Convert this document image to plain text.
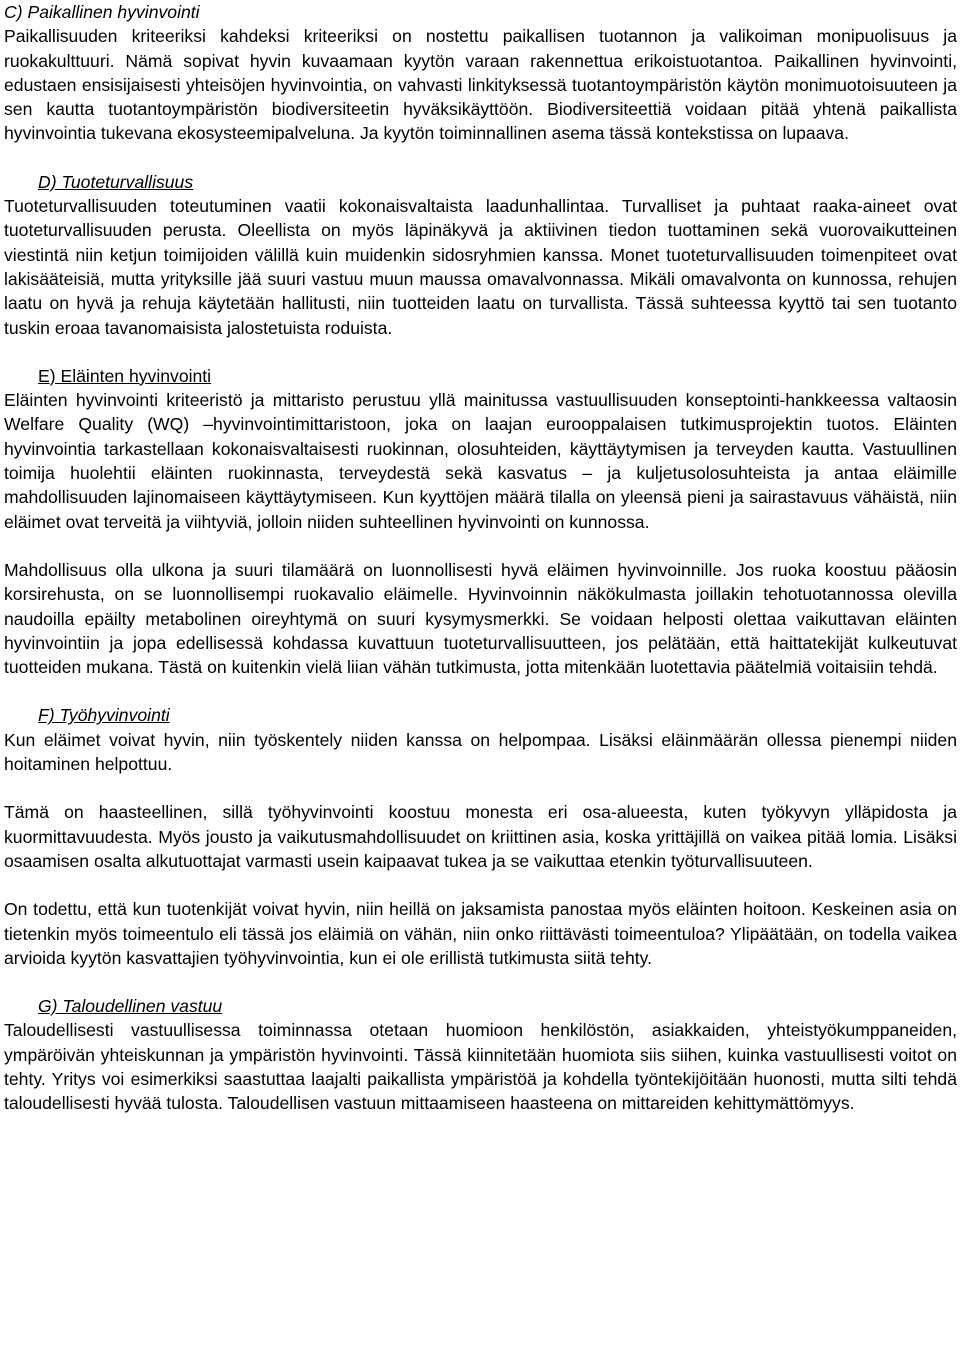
C) Paikallinen hyvinvointi

Paikallisuuden kriteeriksi kahdeksi kriteeriksi on nostettu paikallisen tuotannon ja valikoiman monipuolisuus ja ruokakulttuuri. Nämä sopivat hyvin kuvaamaan kyytön varaan rakennettua erikoistuotantoa. Paikallinen hyvinvointi, edustaen ensisijaisesti yhteisöjen hyvinvointia, on vahvasti linkityksessä tuotantoympäristön käytön monimuotoisuuteen ja sen kautta tuotantoympäristön biodiversiteetin hyväksikäyttöön. Biodiversiteettiä voidaan pitää yhtenä paikallista hyvinvointia tukevana ekosysteemipalveluna. Ja kyytön toiminnallinen asema tässä kontekstissa on lupaava.

D) Tuoteturvallisuus

Tuoteturvallisuuden toteutuminen vaatii kokonaisvaltaista laadunhallintaa. Turvalliset ja puhtaat raaka-aineet ovat tuoteturvallisuuden perusta. Oleellista on myös läpinäkyvä ja aktiivinen tiedon tuottaminen sekä vuorovaikutteinen viestintä niin ketjun toimijoiden välillä kuin muidenkin sidosryhmien kanssa. Monet tuoteturvallisuuden toimenpiteet ovat lakisääteisiä, mutta yrityksille jää suuri vastuu muun maussa omavalvonnassa. Mikäli omavalvonta on kunnossa, rehujen laatu on hyvä ja rehuja käytetään hallitusti, niin tuotteiden laatu on turvallista. Tässä suhteessa kyyttö tai sen tuotanto tuskin eroaa tavanomaisista jalostetuista roduista.

E) Eläinten hyvinvointi

Eläinten hyvinvointi kriteeristö ja mittaristo perustuu yllä mainitussa vastuullisuuden konseptointi-hankkeessa valtaosin Welfare Quality (WQ) –hyvinvointimittaristoon, joka on laajan eurooppalaisen tutkimusprojektin tuotos. Eläinten hyvinvointia tarkastellaan kokonaisvaltaisesti ruokinnan, olosuhteiden, käyttäytymisen ja terveyden kautta. Vastuullinen toimija huolehtii eläinten ruokinnasta, terveydestä sekä kasvatus – ja kuljetusolosuhteista ja antaa eläimille mahdollisuuden lajinomaiseen käyttäytymiseen. Kun kyyttöjen määrä tilalla on yleensä pieni ja sairastavuus vähäistä, niin eläimet ovat terveitä ja viihtyviä, jolloin niiden suhteellinen hyvinvointi on kunnossa.

Mahdollisuus olla ulkona ja suuri tilamäärä on luonnollisesti hyvä eläimen hyvinvoinnille. Jos ruoka koostuu pääosin korsirehusta, on se luonnollisempi ruokavalio eläimelle. Hyvinvoinnin näkökulmasta joillakin tehotuotannossa olevilla naudoilla epäilty metabolinen oireyhtymä on suuri kysymysmerkki. Se voidaan helposti olettaa vaikuttavan eläinten hyvinvointiin ja jopa edellisessä kohdassa kuvattuun tuoteturvallisuutteen, jos pelätään, että haittatekijät kulkeutuvat tuotteiden mukana. Tästä on kuitenkin vielä liian vähän tutkimusta, jotta mitenkään luotettavia päätelmiä voitaisiin tehdä.

F) Työhyvinvointi

Kun eläimet voivat hyvin, niin työskentely niiden kanssa on helpompaa. Lisäksi eläinmäärän ollessa pienempi niiden hoitaminen helpottuu.

Tämä on haasteellinen, sillä työhyvinvointi koostuu monesta eri osa-alueesta, kuten työkyvyn ylläpidosta ja kuormittavuudesta. Myös jousto ja vaikutusmahdollisuudet on kriittinen asia, koska yrittäjillä on vaikea pitää lomia. Lisäksi osaamisen osalta alkutuottajat varmasti usein kaipaavat tukea ja se vaikuttaa etenkin työturvallisuuteen.

On todettu, että kun tuotenkijät voivat hyvin, niin heillä on jaksamista panostaa myös eläinten hoitoon. Keskeinen asia on tietenkin myös toimeentulo eli tässä jos eläimiä on vähän, niin onko riittävästi toimeentuloa? Ylipäätään, on todella vaikea arvioida kyytön kasvattajien työhyvinvointia, kun ei ole erillistä tutkimusta siitä tehty.

G) Taloudellinen vastuu

Taloudellisesti vastuullisessa toiminnassa otetaan huomioon henkilöstön, asiakkaiden, yhteistyökumppaneiden, ympäröivän yhteiskunnan ja ympäristön hyvinvointi. Tässä kiinnitetään huomiota siis siihen, kuinka vastuullisesti voitot on tehty. Yritys voi esimerkiksi saastuttaa laajalti paikallista ympäristöä ja kohdella työntekijöitään huonosti, mutta silti tehdä taloudellisesti hyvää tulosta. Taloudellisen vastuun mittaamiseen haasteena on mittareiden kehittymättömyys.
